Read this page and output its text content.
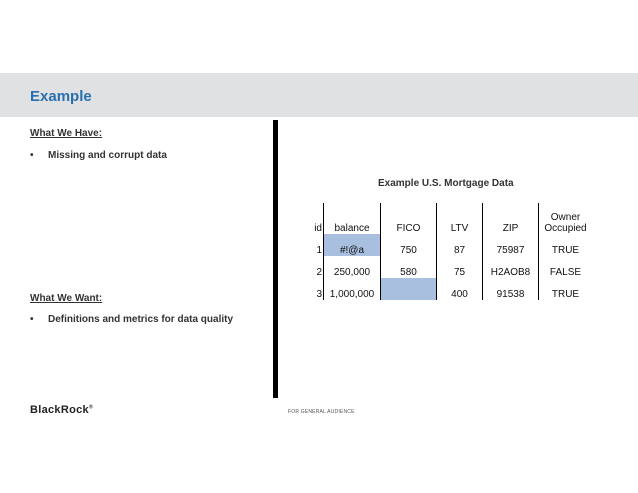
Example
What We Have:
•	Missing and corrupt data
What We Want:
•	Definitions and metrics for data quality
Example U.S. Mortgage Data
id	balance	FICO	LTV	ZIP	Owner Occupied
1	#!@a	750	87	75987	TRUE
2	250,000	580	75	H2AOB8	FALSE
3	1,000,000		400	91538	TRUE
BlackRock®
FOR GENERAL AUDIENCE
